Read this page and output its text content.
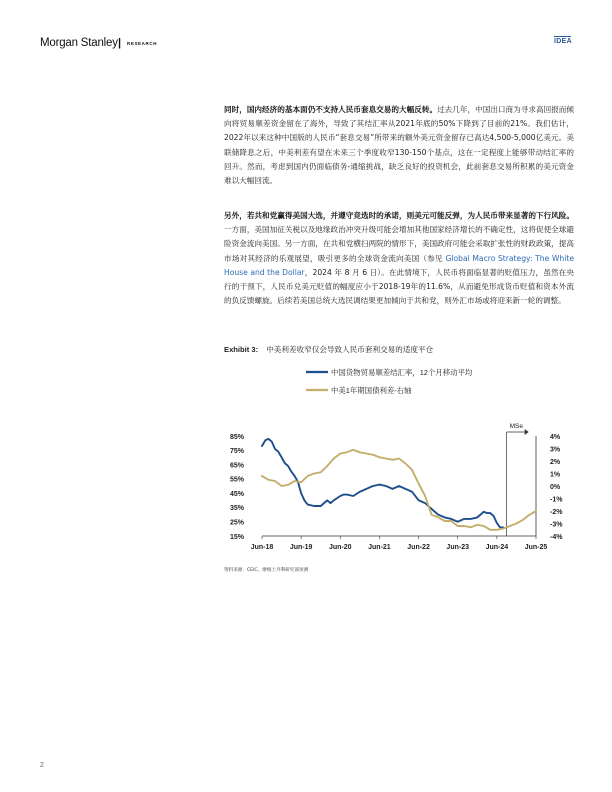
Morgan Stanley | RESEARCH	IDEA
同时，国内经济的基本面仍不支持人民币套息交易的大幅反转。过去几年，中国出口商为寻求高回报而倾向将贸易顺差资金留在了海外，导致了其结汇率从2021年底的50%下降到了目前的21%。我们估计，2022年以来这种中国版的人民币“套息交易”所带来的额外美元资金留存已高达4,500-5,000亿美元。美联储降息之后，中美利差有望在未来三个季度收窄130-150个基点，这在一定程度上能够带动结汇率的回升。然而，考虑到国内仍面临债务-通缩挑战，缺乏良好的投资机会，此前套息交易所积累的美元资金难以大幅回流。
另外，若共和党赢得美国大选，并遵守竞选时的承诺，则美元可能反弹，为人民币带来显著的下行风险。一方面，美国加征关税以及地缘政治冲突升级可能会增加其他国家经济增长的不确定性，这将促使全球避险资金流向美国。另一方面，在共和党横扫两院的情形下，美国政府可能会采取扩张性的财政政策，提高市场对其经济的乐观展望，吸引更多的全球资金流向美国（参见 Global Macro Strategy: The White House and the Dollar，2024 年 8 月 6 日）。在此情境下，人民币将面临显著的贬值压力，虽然在央行的干预下，人民币兑美元贬值的幅度应小于2018-19年的11.6%，从而避免形成货币贬值和资本外流的负反馈螺旋。后续若美国总统大选民调结果更加倾向于共和党，则外汇市场或将迎来新一轮的调整。
Exhibit 3: 中美利差收窄仅会导致人民币套利交易的适度平仓
中国货物贸易顺差结汇率，12个月移动平均
中美1年期国债利差-右轴
85%
75%
65%
55%
45%
35%
25%
15%
4%
3%
2%
1%
0%
-1%
-2%
-3%
-4%
Jun-18 Jun-19 Jun-20 Jun-21 Jun-22 Jun-23 Jun-24 Jun-25
MSe
资料来源：CEIC、摩根士丹利研究部预测
2
